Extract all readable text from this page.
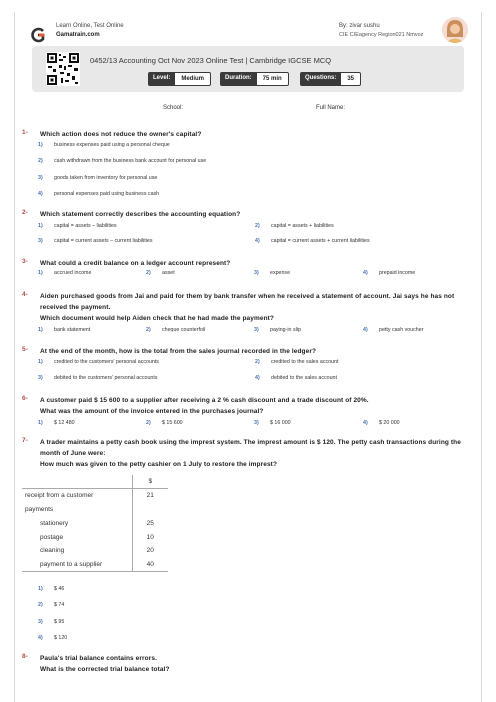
Learn Online, Test Online
Gamatrain.com
By: zivar sushu
CIE CIEagency Region021 Nmvoz
0452/13 Accounting Oct Nov 2023 Online Test | Cambridge IGCSE MCQ
Level:	Medium	Duration:	75 min	Questions:	35
School:	Full Name:
1- Which action does not reduce the owner's capital?
1) business expenses paid using a personal cheque
2) cash withdrawn from the business bank account for personal use
3) goods taken from inventory for personal use
4) personal expenses paid using business cash
2- Which statement correctly describes the accounting equation?
1) capital = assets – liabilities	2) capital = assets + liabilities
3) capital = current assets – current liabilities	4) capital = current assets + current liabilities
3- What could a credit balance on a ledger account represent?
1) accrued income	2) asset	3) expense	4) prepaid income
4- Aiden purchased goods from Jai and paid for them by bank transfer when he received a statement of account. Jai says he has not received the payment.
Which document would help Aiden check that he had made the payment?
1) bank statement	2) cheque counterfoil	3) paying-in slip	4) petty cash voucher
5- At the end of the month, how is the total from the sales journal recorded in the ledger?
1) credited to the customers' personal accounts	2) credited to the sales account
3) debited to the customers' personal accounts	4) debited to the sales account
6- A customer paid $ 15 600 to a supplier after receiving a 2 % cash discount and a trade discount of 20%.
What was the amount of the invoice entered in the purchases journal?
1) $ 12 480	2) $ 15 600	3) $ 16 000	4) $ 20 000
7- A trader maintains a petty cash book using the imprest system. The imprest amount is $ 120. The petty cash transactions during the month of June were:
How much was given to the petty cashier on 1 July to restore the imprest?
1) $ 46
2) $ 74
3) $ 95
4) $ 120
	$
receipt from a customer	21
payments	
stationery	25
postage	10
cleaning	20
payment to a supplier	40
8- Paula's trial balance contains errors.
What is the corrected trial balance total?
